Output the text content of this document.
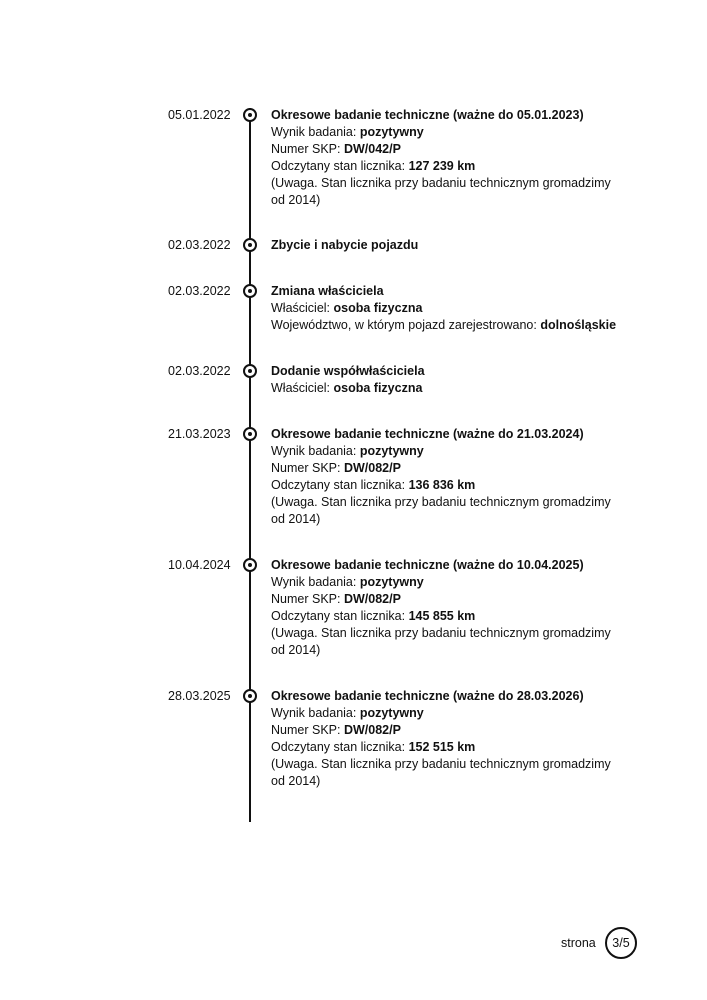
05.01.2022	Okresowe badanie techniczne (ważne do 05.01.2023)
Wynik badania: pozytywny
Numer SKP: DW/042/P
Odczytany stan licznika: 127 239 km
(Uwaga. Stan licznika przy badaniu technicznym gromadzimy od 2014)
02.03.2022	Zbycie i nabycie pojazdu
02.03.2022	Zmiana właściciela
Właściciel: osoba fizyczna
Województwo, w którym pojazd zarejestrowano: dolnośląskie
02.03.2022	Dodanie współwłaściciela
Właściciel: osoba fizyczna
21.03.2023	Okresowe badanie techniczne (ważne do 21.03.2024)
Wynik badania: pozytywny
Numer SKP: DW/082/P
Odczytany stan licznika: 136 836 km
(Uwaga. Stan licznika przy badaniu technicznym gromadzimy od 2014)
10.04.2024	Okresowe badanie techniczne (ważne do 10.04.2025)
Wynik badania: pozytywny
Numer SKP: DW/082/P
Odczytany stan licznika: 145 855 km
(Uwaga. Stan licznika przy badaniu technicznym gromadzimy od 2014)
28.03.2025	Okresowe badanie techniczne (ważne do 28.03.2026)
Wynik badania: pozytywny
Numer SKP: DW/082/P
Odczytany stan licznika: 152 515 km
(Uwaga. Stan licznika przy badaniu technicznym gromadzimy od 2014)
strona	3/5
